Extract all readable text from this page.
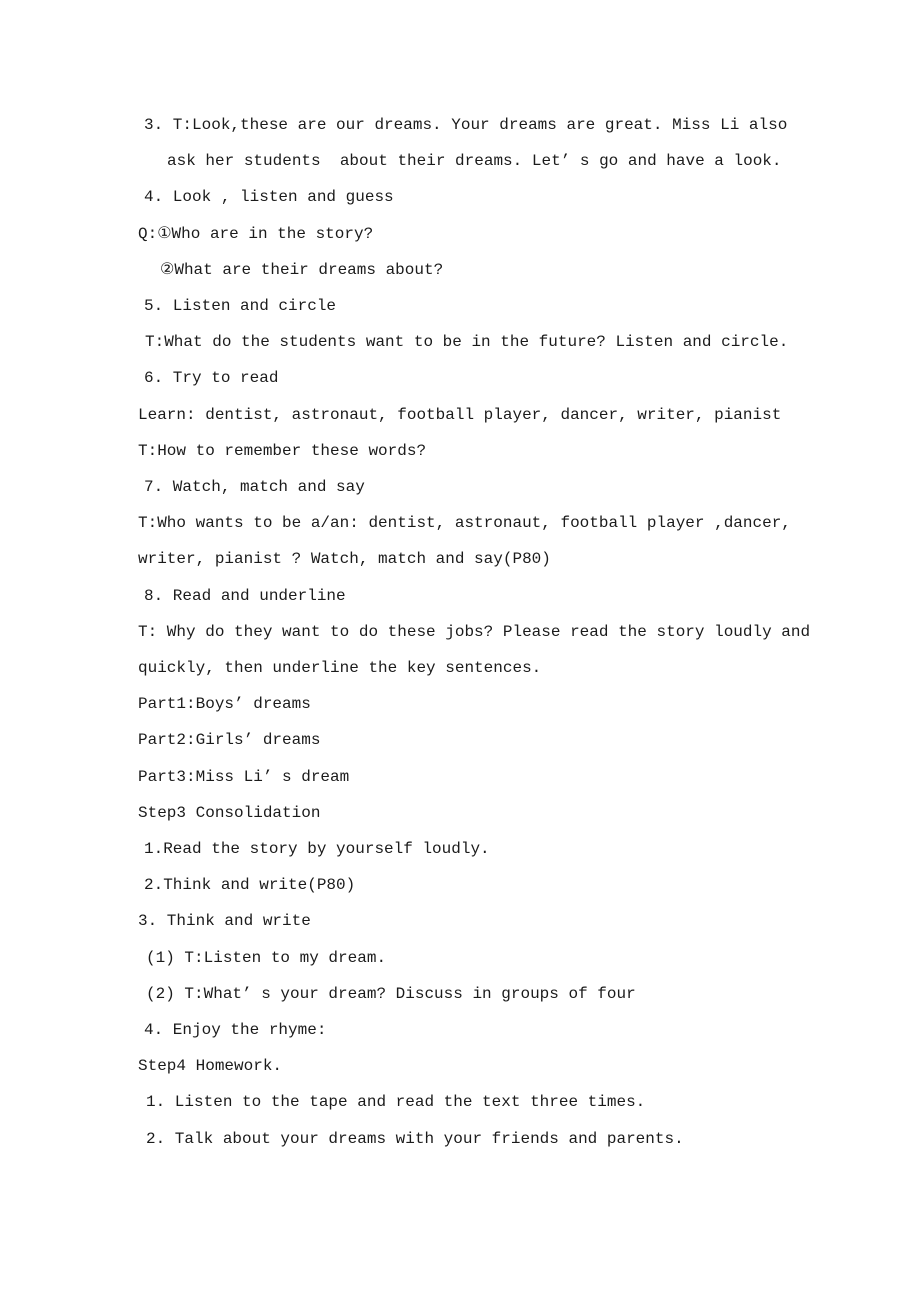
3. T:Look,these are our dreams. Your dreams are great. Miss Li also

ask her students  about their dreams. Let’ s go and have a look.

4. Look , listen and guess

Q:①Who are in the story?

②What are their dreams about?

5. Listen and circle

T:What do the students want to be in the future? Listen and circle.

6. Try to read

Learn: dentist, astronaut, football player, dancer, writer, pianist

T:How to remember these words?

7. Watch, match and say

T:Who wants to be a/an: dentist, astronaut, football player ,dancer,

writer, pianist ? Watch, match and say(P80)

8. Read and underline

T: Why do they want to do these jobs? Please read the story loudly and

quickly, then underline the key sentences.

Part1:Boys’ dreams

Part2:Girls’ dreams

Part3:Miss Li’ s dream

Step3 Consolidation

1.Read the story by yourself loudly.

2.Think and write(P80)

3. Think and write

(1) T:Listen to my dream.

(2) T:What’ s your dream? Discuss in groups of four

4. Enjoy the rhyme:

Step4 Homework.

1. Listen to the tape and read the text three times.

2. Talk about your dreams with your friends and parents.
